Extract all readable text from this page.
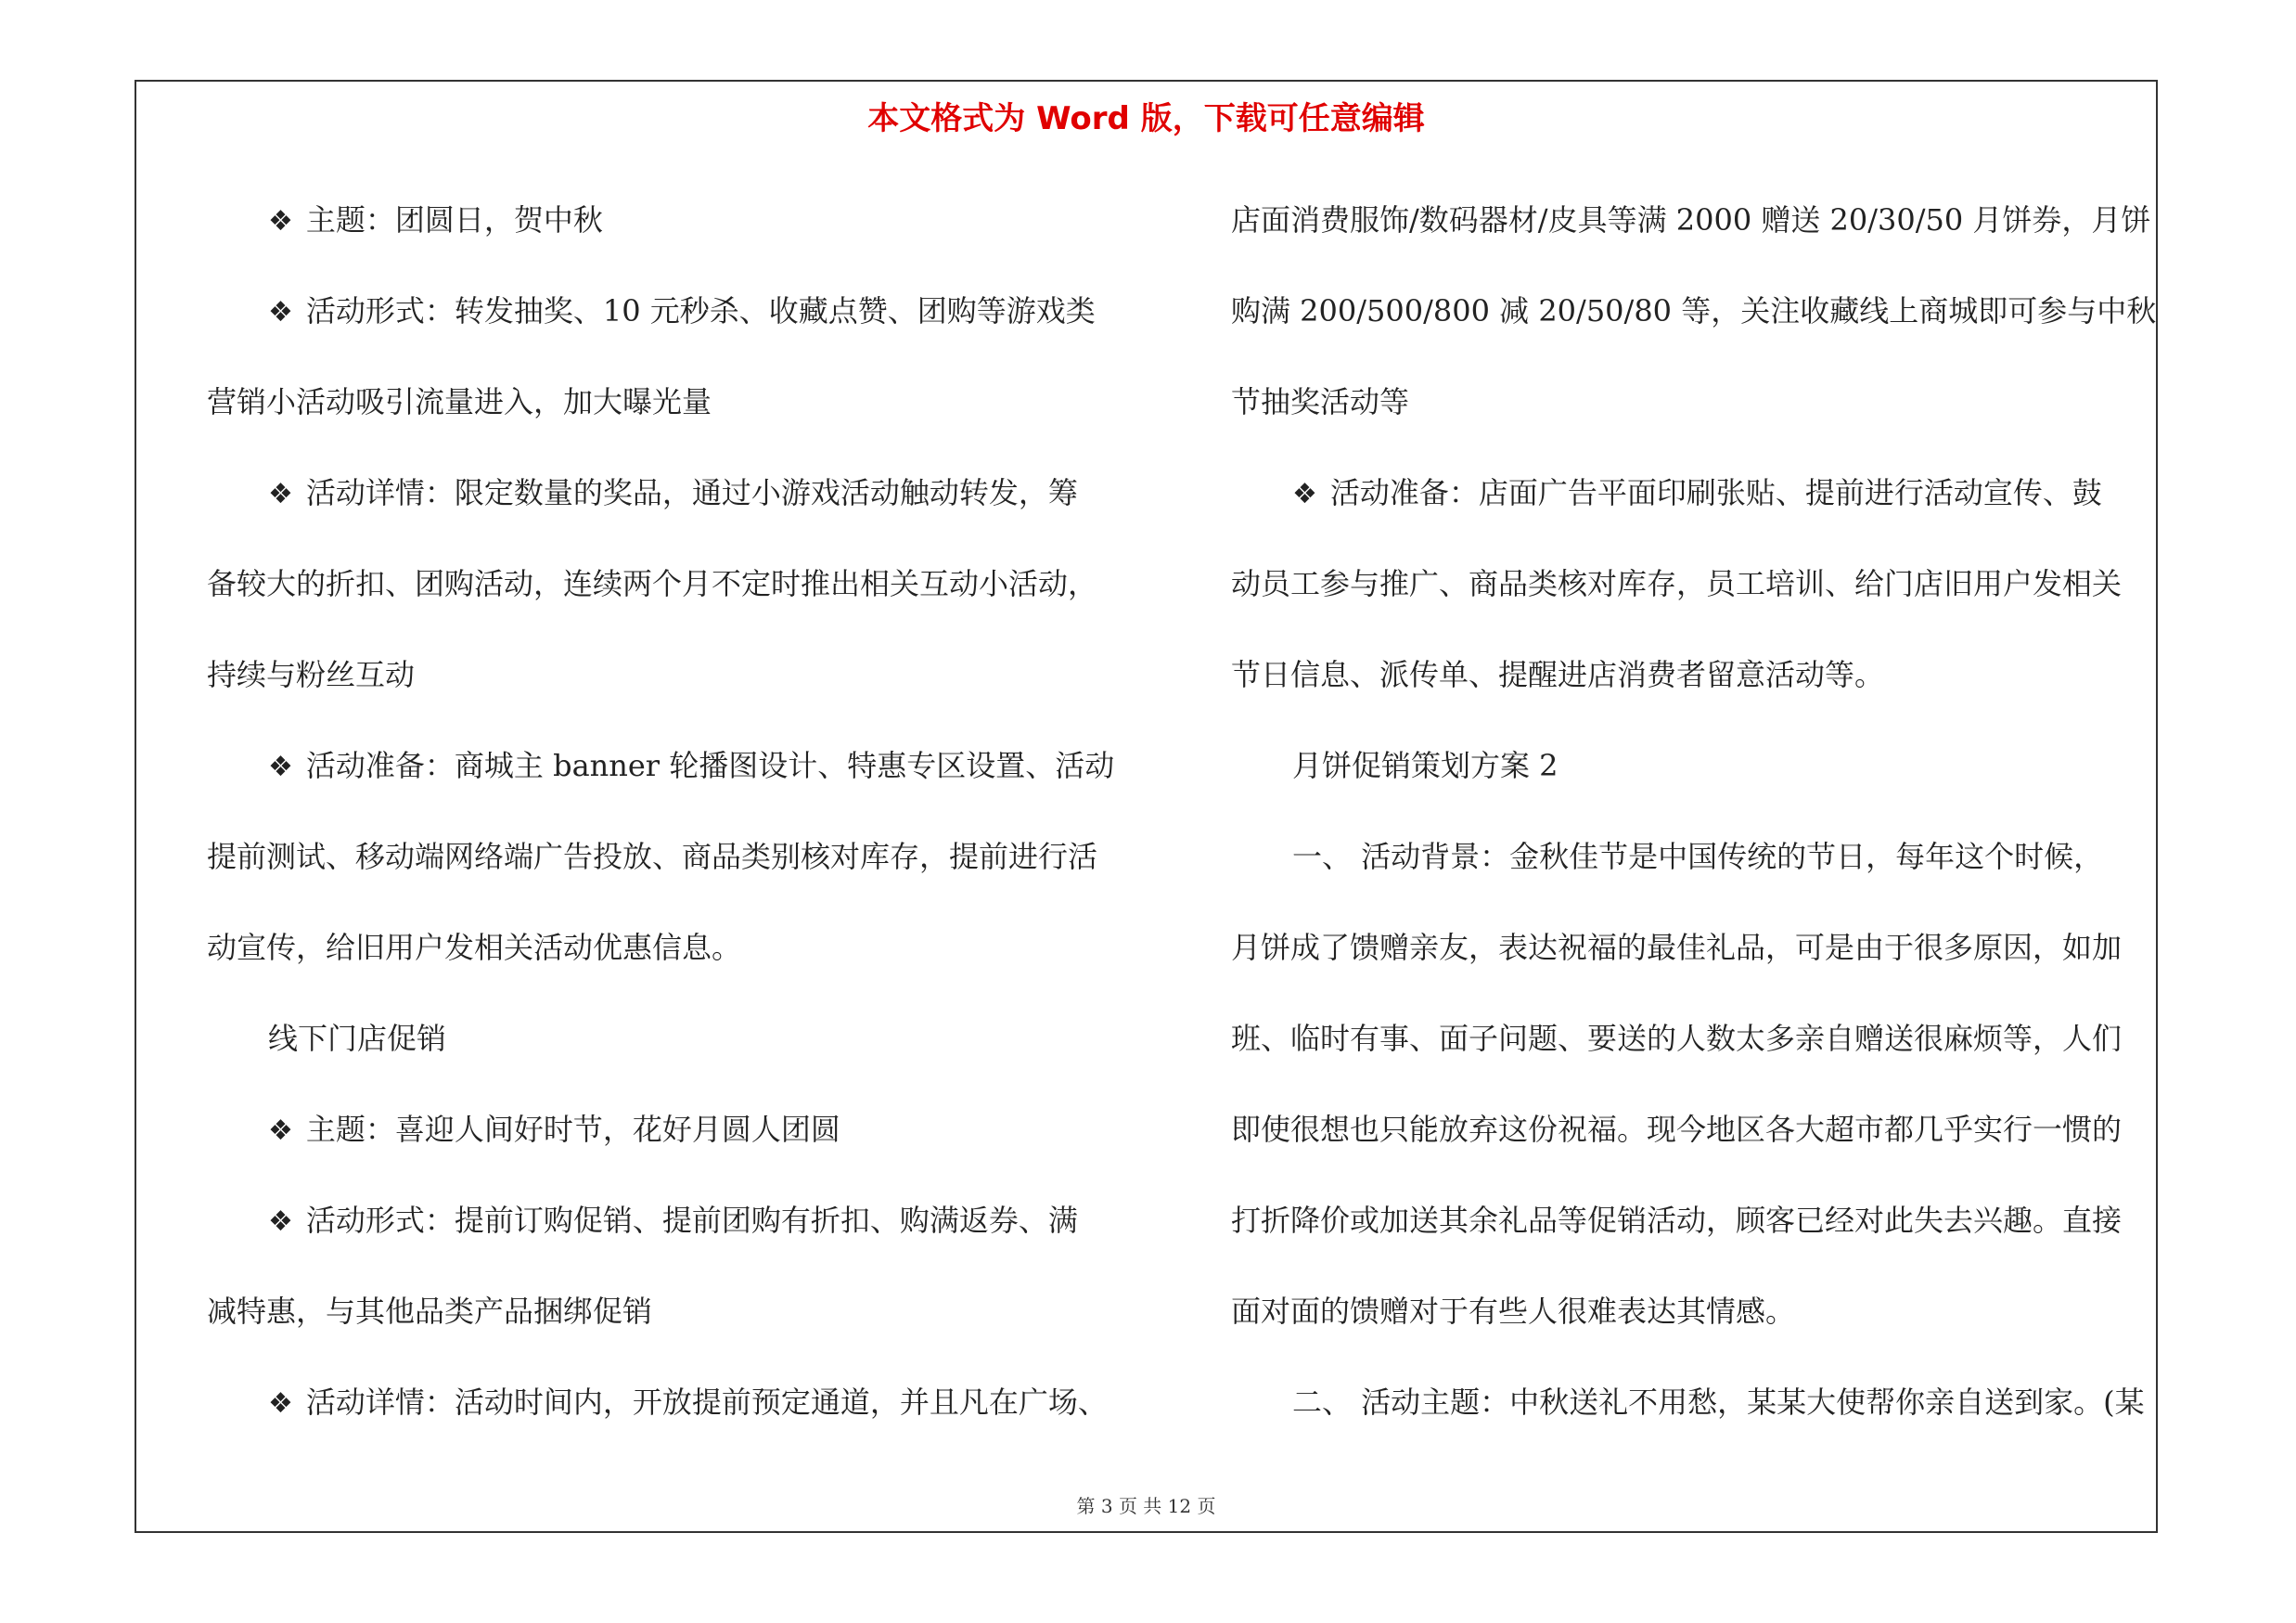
本文格式为 Word 版，下载可任意编辑
❖ 主题：团圆日，贺中秋
❖ 活动形式：转发抽奖、10 元秒杀、收藏点赞、团购等游戏类
营销小活动吸引流量进入，加大曝光量
❖ 活动详情：限定数量的奖品，通过小游戏活动触动转发，筹
备较大的折扣、团购活动，连续两个月不定时推出相关互动小活动，
持续与粉丝互动
❖ 活动准备：商城主 banner 轮播图设计、特惠专区设置、活动
提前测试、移动端网络端广告投放、商品类别核对库存，提前进行活
动宣传，给旧用户发相关活动优惠信息。
线下门店促销
❖ 主题：喜迎人间好时节，花好月圆人团圆
❖ 活动形式：提前订购促销、提前团购有折扣、购满返券、满
减特惠，与其他品类产品捆绑促销
❖ 活动详情：活动时间内，开放提前预定通道，并且凡在广场、
店面消费服饰/数码器材/皮具等满 2000 赠送 20/30/50 月饼券，月饼
购满 200/500/800 减 20/50/80 等，关注收藏线上商城即可参与中秋
节抽奖活动等
❖ 活动准备：店面广告平面印刷张贴、提前进行活动宣传、鼓
动员工参与推广、商品类核对库存，员工培训、给门店旧用户发相关
节日信息、派传单、提醒进店消费者留意活动等。
月饼促销策划方案 2
一、 活动背景：金秋佳节是中国传统的节日，每年这个时候，
月饼成了馈赠亲友，表达祝福的最佳礼品，可是由于很多原因，如加
班、临时有事、面子问题、要送的人数太多亲自赠送很麻烦等，人们
即使很想也只能放弃这份祝福。现今地区各大超市都几乎实行一惯的
打折降价或加送其余礼品等促销活动，顾客已经对此失去兴趣。直接
面对面的馈赠对于有些人很难表达其情感。
二、 活动主题：中秋送礼不用愁，某某大使帮你亲自送到家。(某
第 3 页 共 12 页
